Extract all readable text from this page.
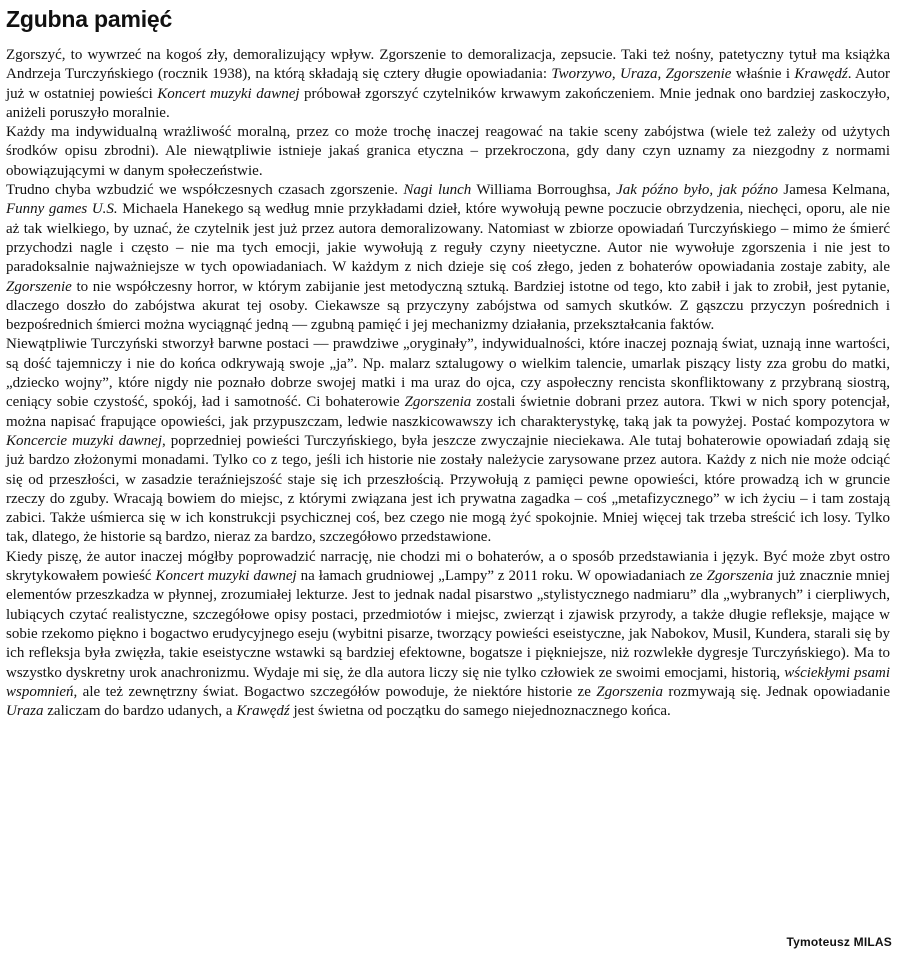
Zgubna pamięć

Zgorszyć, to wywrzeć na kogoś zły, demoralizujący wpływ. Zgorszenie to demoralizacja, zepsucie. Taki też nośny, patetyczny tytuł ma książka Andrzeja Turczyńskiego (rocznik 1938), na którą składają się cztery długie opowiadania: Tworzywo, Uraza, Zgorszenie właśnie i Krawędź. Autor już w ostatniej powieści Koncert muzyki dawnej próbował zgorszyć czytelników krwawym zakończeniem. Mnie jednak ono bardziej zaskoczyło, aniżeli poruszyło moralnie.

Każdy ma indywidualną wrażliwość moralną, przez co może trochę inaczej reagować na takie sceny zabójstwa (wiele też zależy od użytych środków opisu zbrodni). Ale niewątpliwie istnieje jakaś granica etyczna – przekroczona, gdy dany czyn uznamy za niezgodny z normami obowiązującymi w danym społeczeństwie.

Trudno chyba wzbudzić we współczesnych czasach zgorszenie. Nagi lunch Williama Borroughsa, Jak późno było, jak późno Jamesa Kelmana, Funny games U.S. Michaela Hanekego są według mnie przykładami dzieł, które wywołują pewne poczucie obrzydzenia, niechęci, oporu, ale nie aż tak wielkiego, by uznać, że czytelnik jest już przez autora demoralizowany. Natomiast w zbiorze opowiadań Turczyńskiego – mimo że śmierć przychodzi nagle i często – nie ma tych emocji, jakie wywołują z reguły czyny nieetyczne. Autor nie wywołuje zgorszenia i nie jest to paradoksalnie najważniejsze w tych opowiadaniach. W każdym z nich dzieje się coś złego, jeden z bohaterów opowiadania zostaje zabity, ale Zgorszenie to nie współczesny horror, w którym zabijanie jest metodyczną sztuką. Bardziej istotne od tego, kto zabił i jak to zrobił, jest pytanie, dlaczego doszło do zabójstwa akurat tej osoby. Ciekawsze są przyczyny zabójstwa od samych skutków. Z gąszczu przyczyn pośrednich i bezpośrednich śmierci można wyciągnąć jedną — zgubną pamięć i jej mechanizmy działania, przekształcania faktów.

Niewątpliwie Turczyński stworzył barwne postaci — prawdziwe „oryginały”, indywidualności, które inaczej poznają świat, uznają inne wartości, są dość tajemniczy i nie do końca odkrywają swoje „ja”. Np. malarz sztalugowy o wielkim talencie, umarlak piszący listy zza grobu do matki, „dziecko wojny”, które nigdy nie poznało dobrze swojej matki i ma uraz do ojca, czy aspołeczny rencista skonfliktowany z przybraną siostrą, ceniący sobie czystość, spokój, ład i samotność. Ci bohaterowie Zgorszenia zostali świetnie dobrani przez autora. Tkwi w nich spory potencjał, można napisać frapujące opowieści, jak przypuszczam, ledwie naszkicowawszy ich charakterystykę, taką jak ta powyżej. Postać kompozytora w Koncercie muzyki dawnej, poprzedniej powieści Turczyńskiego, była jeszcze zwyczajnie nieciekawa. Ale tutaj bohaterowie opowiadań zdają się już bardzo złożonymi monadami. Tylko co z tego, jeśli ich historie nie zostały należycie zarysowane przez autora. Każdy z nich nie może odciąć się od przeszłości, w zasadzie teraźniejszość staje się ich przeszłością. Przywołują z pamięci pewne opowieści, które prowadzą ich w gruncie rzeczy do zguby. Wracają bowiem do miejsc, z którymi związana jest ich prywatna zagadka – coś „metafizycznego” w ich życiu – i tam zostają zabici. Także uśmierca się w ich konstrukcji psychicznej coś, bez czego nie mogą żyć spokojnie. Mniej więcej tak trzeba streścić ich losy. Tylko tak, dlatego, że historie są bardzo, nieraz za bardzo, szczegółowo przedstawione.

Kiedy piszę, że autor inaczej mógłby poprowadzić narrację, nie chodzi mi o bohaterów, a o sposób przedstawiania i język. Być może zbyt ostro skrytykowałem powieść Koncert muzyki dawnej na łamach grudniowej „Lampy” z 2011 roku. W opowiadaniach ze Zgorszenia już znacznie mniej elementów przeszkadza w płynnej, zrozumiałej lekturze. Jest to jednak nadal pisarstwo „stylistycznego nadmiaru” dla „wybranych” i cierpliwych, lubiących czytać realistyczne, szczegółowe opisy postaci, przedmiotów i miejsc, zwierząt i zjawisk przyrody, a także długie refleksje, mające w sobie rzekomo piękno i bogactwo erudycyjnego eseju (wybitni pisarze, tworzący powieści eseistyczne, jak Nabokov, Musil, Kundera, starali się by ich refleksja była zwięzła, takie eseistyczne wstawki są bardziej efektowne, bogatsze i piękniejsze, niż rozwlekłe dygresje Turczyńskiego). Ma to wszystko dyskretny urok anachronizmu. Wydaje mi się, że dla autora liczy się nie tylko człowiek ze swoimi emocjami, historią, wściekłymi psami wspomnień, ale też zewnętrzny świat. Bogactwo szczegółów powoduje, że niektóre historie ze Zgorszenia rozmywają się. Jednak opowiadanie Uraza zaliczam do bardzo udanych, a Krawędź jest świetna od początku do samego niejednoznacznego końca.

Tymoteusz MILAS
